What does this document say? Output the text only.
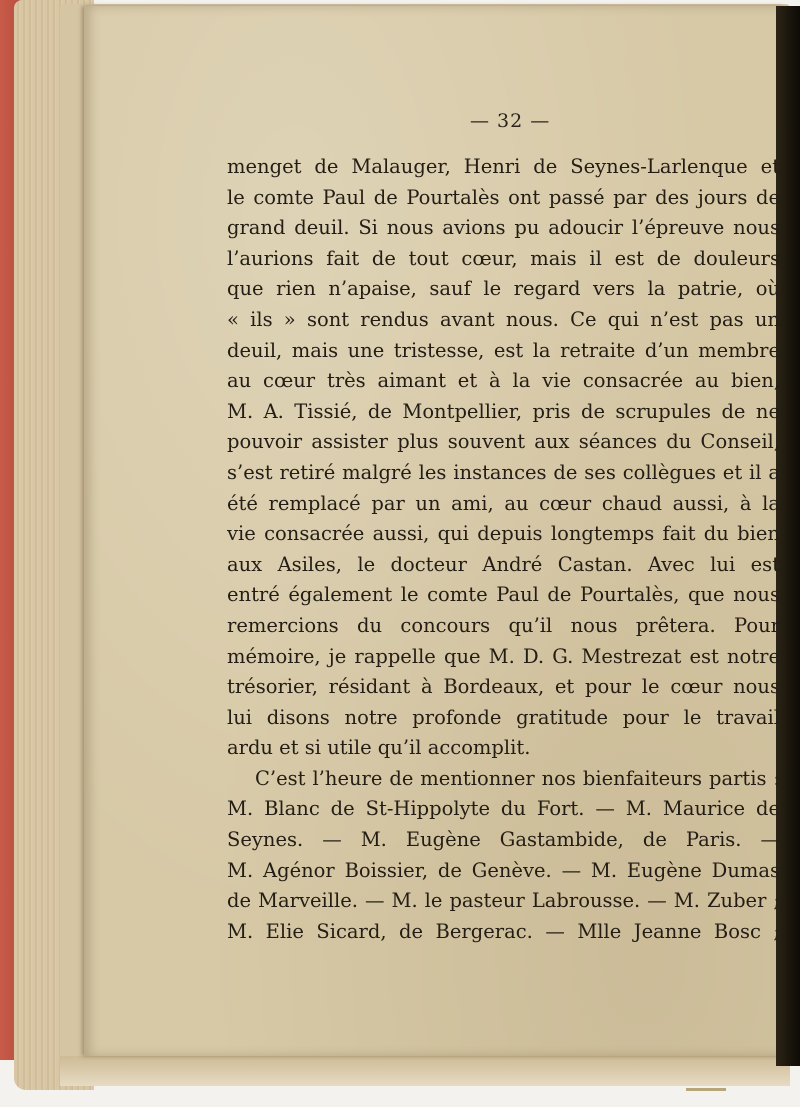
— 32 —
menget de Malauger, Henri de Seynes-Larlenque et
le comte Paul de Pourtalès ont passé par des jours de
grand deuil. Si nous avions pu adoucir l’épreuve nous
l’aurions fait de tout cœur, mais il est de douleurs
que rien n’apaise, sauf le regard vers la patrie, où
« ils » sont rendus avant nous. Ce qui n’est pas un
deuil, mais une tristesse, est la retraite d’un membre
au cœur très aimant et à la vie consacrée au bien,
M. A. Tissié, de Montpellier, pris de scrupules de ne
pouvoir assister plus souvent aux séances du Conseil,
s’est retiré malgré les instances de ses collègues et il a
été remplacé par un ami, au cœur chaud aussi, à la
vie consacrée aussi, qui depuis longtemps fait du bien
aux Asiles, le docteur André Castan. Avec lui est
entré également le comte Paul de Pourtalès, que nous
remercions du concours qu’il nous prêtera. Pour
mémoire, je rappelle que M. D. G. Mestrezat est notre
trésorier, résidant à Bordeaux, et pour le cœur nous
lui disons notre profonde gratitude pour le travail
ardu et si utile qu’il accomplit.
C’est l’heure de mentionner nos bienfaiteurs partis :
M. Blanc de St-Hippolyte du Fort. — M. Maurice de
Seynes. — M. Eugène Gastambide, de Paris. —
M. Agénor Boissier, de Genève. — M. Eugène Dumas
de Marveille. — M. le pasteur Labrousse. — M. Zuber ;
M. Elie Sicard, de Bergerac. — Mlle Jeanne Bosc ;
